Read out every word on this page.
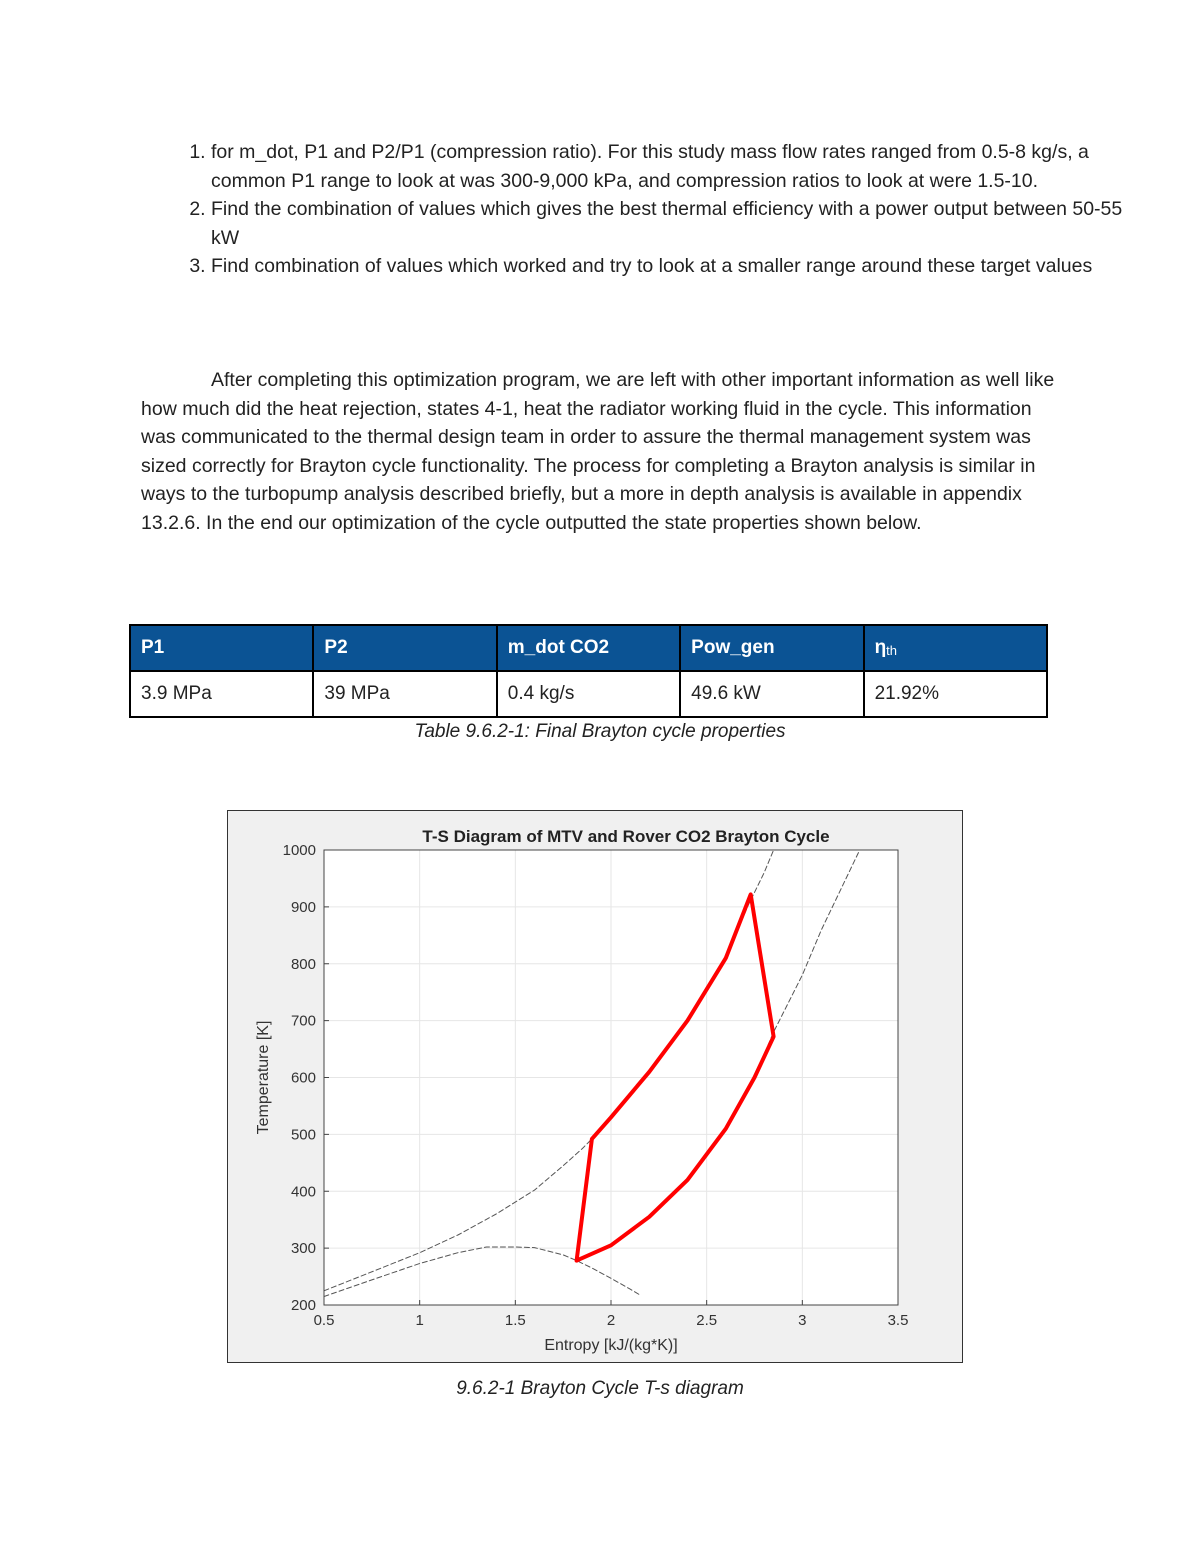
1. for m_dot, P1 and P2/P1 (compression ratio). For this study mass flow rates ranged from 0.5-8 kg/s, a common P1 range to look at was 300-9,000 kPa, and compression ratios to look at were 1.5-10.
2. Find the combination of values which gives the best thermal efficiency with a power output between 50-55 kW
3. Find combination of values which worked and try to look at a smaller range around these target values

After completing this optimization program, we are left with other important information as well like how much did the heat rejection, states 4-1, heat the radiator working fluid in the cycle. This information was communicated to the thermal design team in order to assure the thermal management system was sized correctly for Brayton cycle functionality. The process for completing a Brayton analysis is similar in ways to the turbopump analysis described briefly, but a more in depth analysis is available in appendix 13.2.6. In the end our optimization of the cycle outputted the state properties shown below.

P1	P2	m_dot CO2	Pow_gen	ηth
3.9 MPa	39 MPa	0.4 kg/s	49.6 kW	21.92%

Table 9.6.2-1: Final Brayton cycle properties

0.5	1	1.5	2	2.5	3	3.5
200
300
400
500
600
700
800
900
1000
T-S Diagram of MTV and Rover CO2 Brayton Cycle
Entropy [kJ/(kg*K)]
Temperature [K]

9.6.2-1 Brayton Cycle T-s diagram
